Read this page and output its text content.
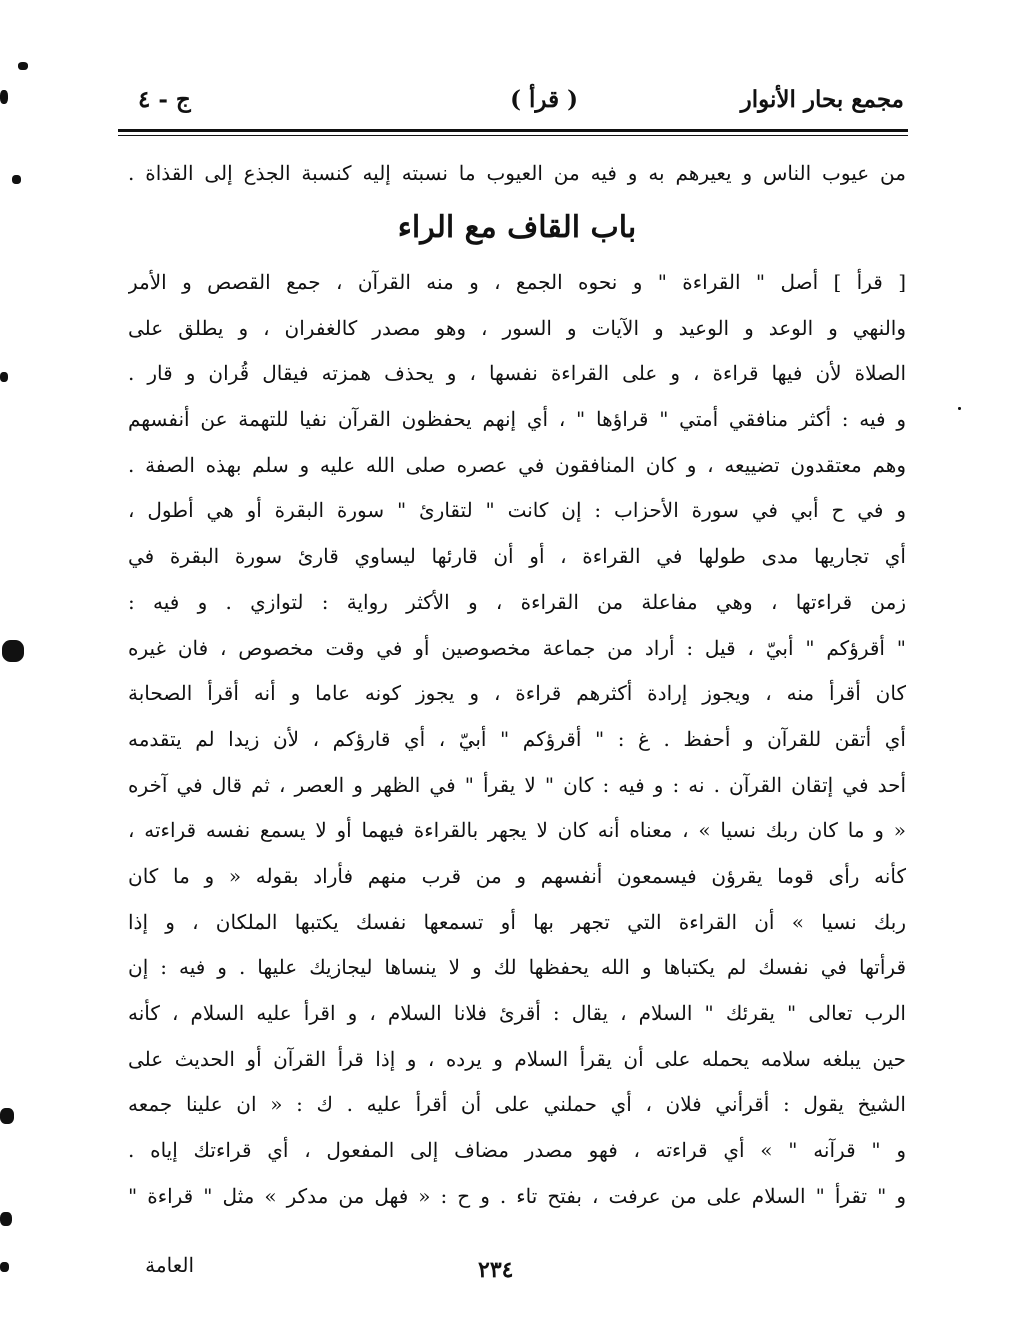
مجمع بحار الأنوار
( قرأ )
ج - ٤
من عيوب الناس و يعيرهم به و فيه من العيوب ما نسبته إليه كنسبة الجذع إلى القذاة .
باب القاف مع الراء
[ قرأ ] أصل " القراءة " و نحوه الجمع ، و منه القرآن ، جمع القصص و الأمر
والنهي و الوعد و الوعيد و الآيات و السور ، وهو مصدر كالغفران ، و يطلق على
الصلاة لأن فيها قراءة ، و على القراءة نفسها ، و يحذف همزته فيقال قُران و قار .
و فيه : أكثر منافقي أمتي " قراؤها " ، أي إنهم يحفظون القرآن نفيا للتهمة عن أنفسهم
وهم معتقدون تضييعه ، و كان المنافقون في عصره صلى الله عليه و سلم بهذه الصفة .
و في ح أبي في سورة الأحزاب : إن كانت " لتقارئ " سورة البقرة أو هي أطول ،
أي تجاريها مدى طولها في القراءة ، أو أن قارئها ليساوي قارئ سورة البقرة في
زمن قراءتها ، وهي مفاعلة من القراءة ، و الأكثر رواية : لتوازي . و فيه :
" أقرؤكم " أبيّ ، قيل : أراد من جماعة مخصوصين أو في وقت مخصوص ، فان غيره
كان أقرأ منه ، ويجوز إرادة أكثرهم قراءة ، و يجوز كونه عاما و أنه أقرأ الصحابة
أي أتقن للقرآن و أحفظ . غ : " أقرؤكم " أبيّ ، أي قارؤكم ، لأن زيدا لم يتقدمه
أحد في إتقان القرآن . نه : و فيه : كان " لا يقرأ " في الظهر و العصر ، ثم قال في آخره
« و ما كان ربك نسيا » ، معناه أنه كان لا يجهر بالقراءة فيهما أو لا يسمع نفسه قراءته ،
كأنه رأى قوما يقرؤن فيسمعون أنفسهم و من قرب منهم فأراد بقوله « و ما كان
ربك نسيا » أن القراءة التي تجهر بها أو تسمعها نفسك يكتبها الملكان ، و إذا
قرأتها في نفسك لم يكتباها و الله يحفظها لك و لا ينساها ليجازيك عليها . و فيه : إن
الرب تعالى " يقرئك " السلام ، يقال : أقرئ فلانا السلام ، و اقرأ عليه السلام ، كأنه
حين يبلغه سلامه يحمله على أن يقرأ السلام و يرده ، و إذا قرأ القرآن أو الحديث على
الشيخ يقول : أقرأني فلان ، أي حملني على أن أقرأ عليه . ك : « ان علينا جمعه
و " قرآنه " » أي قراءته ، فهو مصدر مضاف إلى المفعول ، أي قراءتك إياه .
و " تقرأ " السلام على من عرفت ، بفتح تاء . و ح : « فهل من مدكر » مثل " قراءة "
٢٣٤
العامة
